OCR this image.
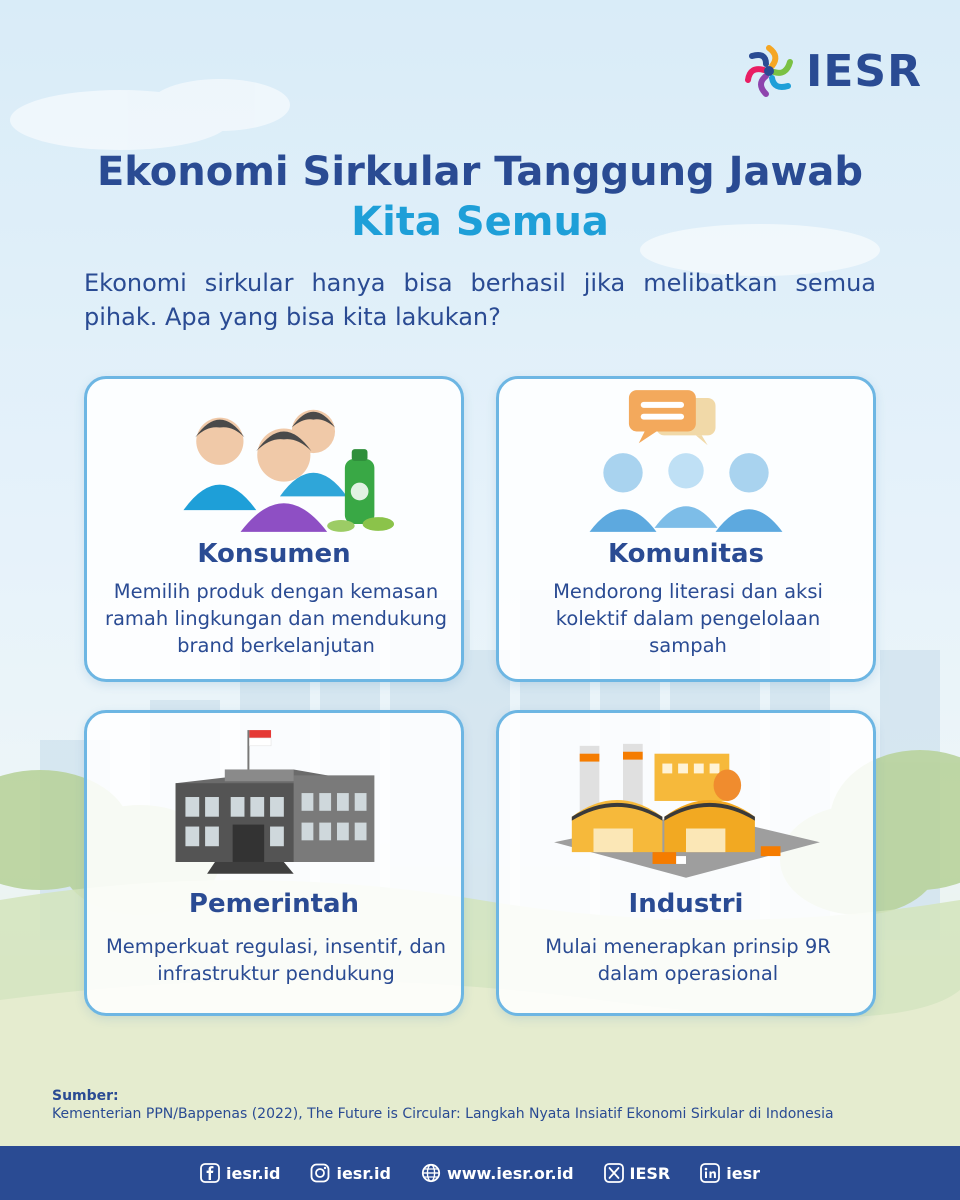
IESR
Ekonomi Sirkular Tanggung Jawab
Kita Semua

Ekonomi sirkular hanya bisa berhasil jika melibatkan semua pihak. Apa yang bisa kita lakukan?

Konsumen
Memilih produk dengan kemasan ramah lingkungan dan mendukung brand berkelanjutan
Komunitas
Mendorong literasi dan aksi kolektif dalam pengelolaan sampah
Pemerintah
Memperkuat regulasi, insentif, dan infrastruktur pendukung
Industri
Mulai menerapkan prinsip 9R dalam operasional
Sumber:
Kementerian PPN/Bappenas (2022), The Future is Circular: Langkah Nyata Insiatif Ekonomi Sirkular di Indonesia
iesr.id	iesr.id	www.iesr.or.id	IESR	iesr
